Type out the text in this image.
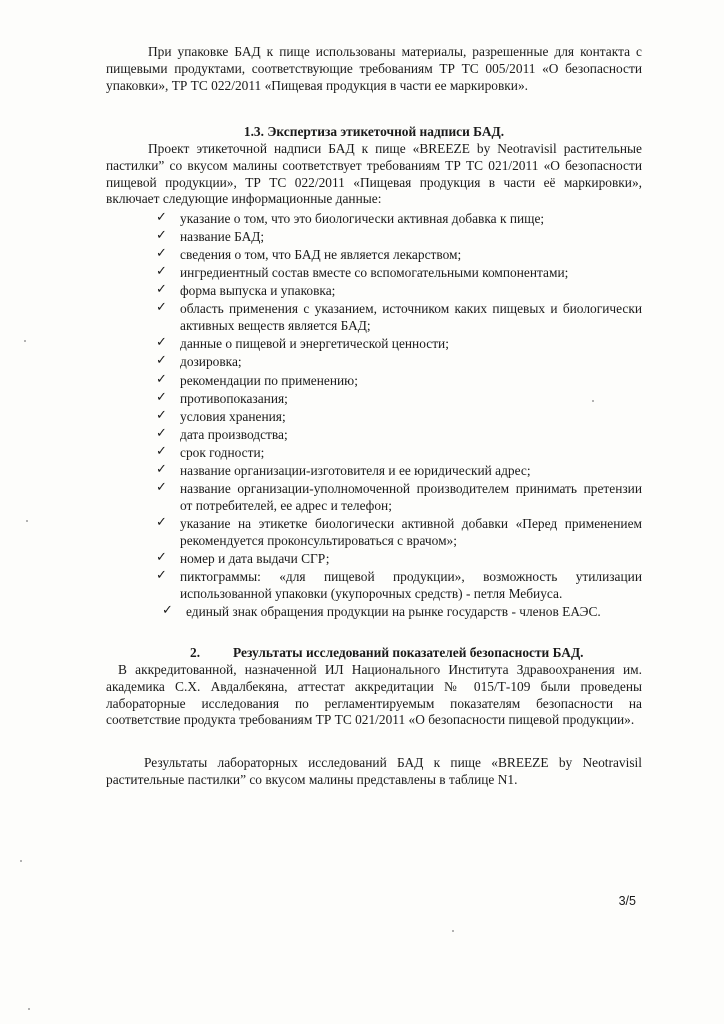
При упаковке БАД к пище использованы материалы, разрешенные для контакта с пищевыми продуктами, соответствующие требованиям ТР ТС 005/2011 «О безопасности упаковки», ТР ТС 022/2011 «Пищевая продукция в части ее маркировки».

1.3. Экспертиза этикеточной надписи БАД.

Проект этикеточной надписи БАД к пище «BREEZE by Neotravisil растительные пастилки” со вкусом малины соответствует требованиям ТР ТС 021/2011 «О безопасности пищевой продукции», ТР ТС 022/2011 «Пищевая продукция в части её маркировки», включает следующие информационные данные:

✓ указание о том, что это биологически активная добавка к пище;
✓ название БАД;
✓ сведения о том, что БАД не является лекарством;
✓ ингредиентный состав вместе со вспомогательными компонентами;
✓ форма выпуска и упаковка;
✓ область применения с указанием, источником каких пищевых и биологически активных веществ является БАД;
✓ данные о пищевой и энергетической ценности;
✓ дозировка;
✓ рекомендации по применению;
✓ противопоказания;
✓ условия хранения;
✓ дата производства;
✓ срок годности;
✓ название организации-изготовителя и ее юридический адрес;
✓ название организации-уполномоченной производителем принимать претензии от потребителей, ее адрес и телефон;
✓ указание на этикетке биологически активной добавки «Перед применением рекомендуется проконсультироваться с врачом»;
✓ номер и дата выдачи СГР;
✓ пиктограммы: «для пищевой продукции», возможность утилизации использованной упаковки (укупорочных средств) - петля Мебиуса.
✓ единый знак обращения продукции на рынке государств - членов ЕАЭС.
2. Результаты исследований показателей безопасности БАД.

В аккредитованной, назначенной ИЛ Национального Института Здравоохранения им. академика С.Х. Авдалбекяна, аттестат аккредитации № 015/Т-109 были проведены лабораторные исследования по регламентируемым показателям безопасности на соответствие продукта требованиям ТР ТС 021/2011 «О безопасности пищевой продукции».

Результаты лабораторных исследований БАД к пище «BREEZE by Neotravisil растительные пастилки” со вкусом малины представлены в таблице N1.

3/5
